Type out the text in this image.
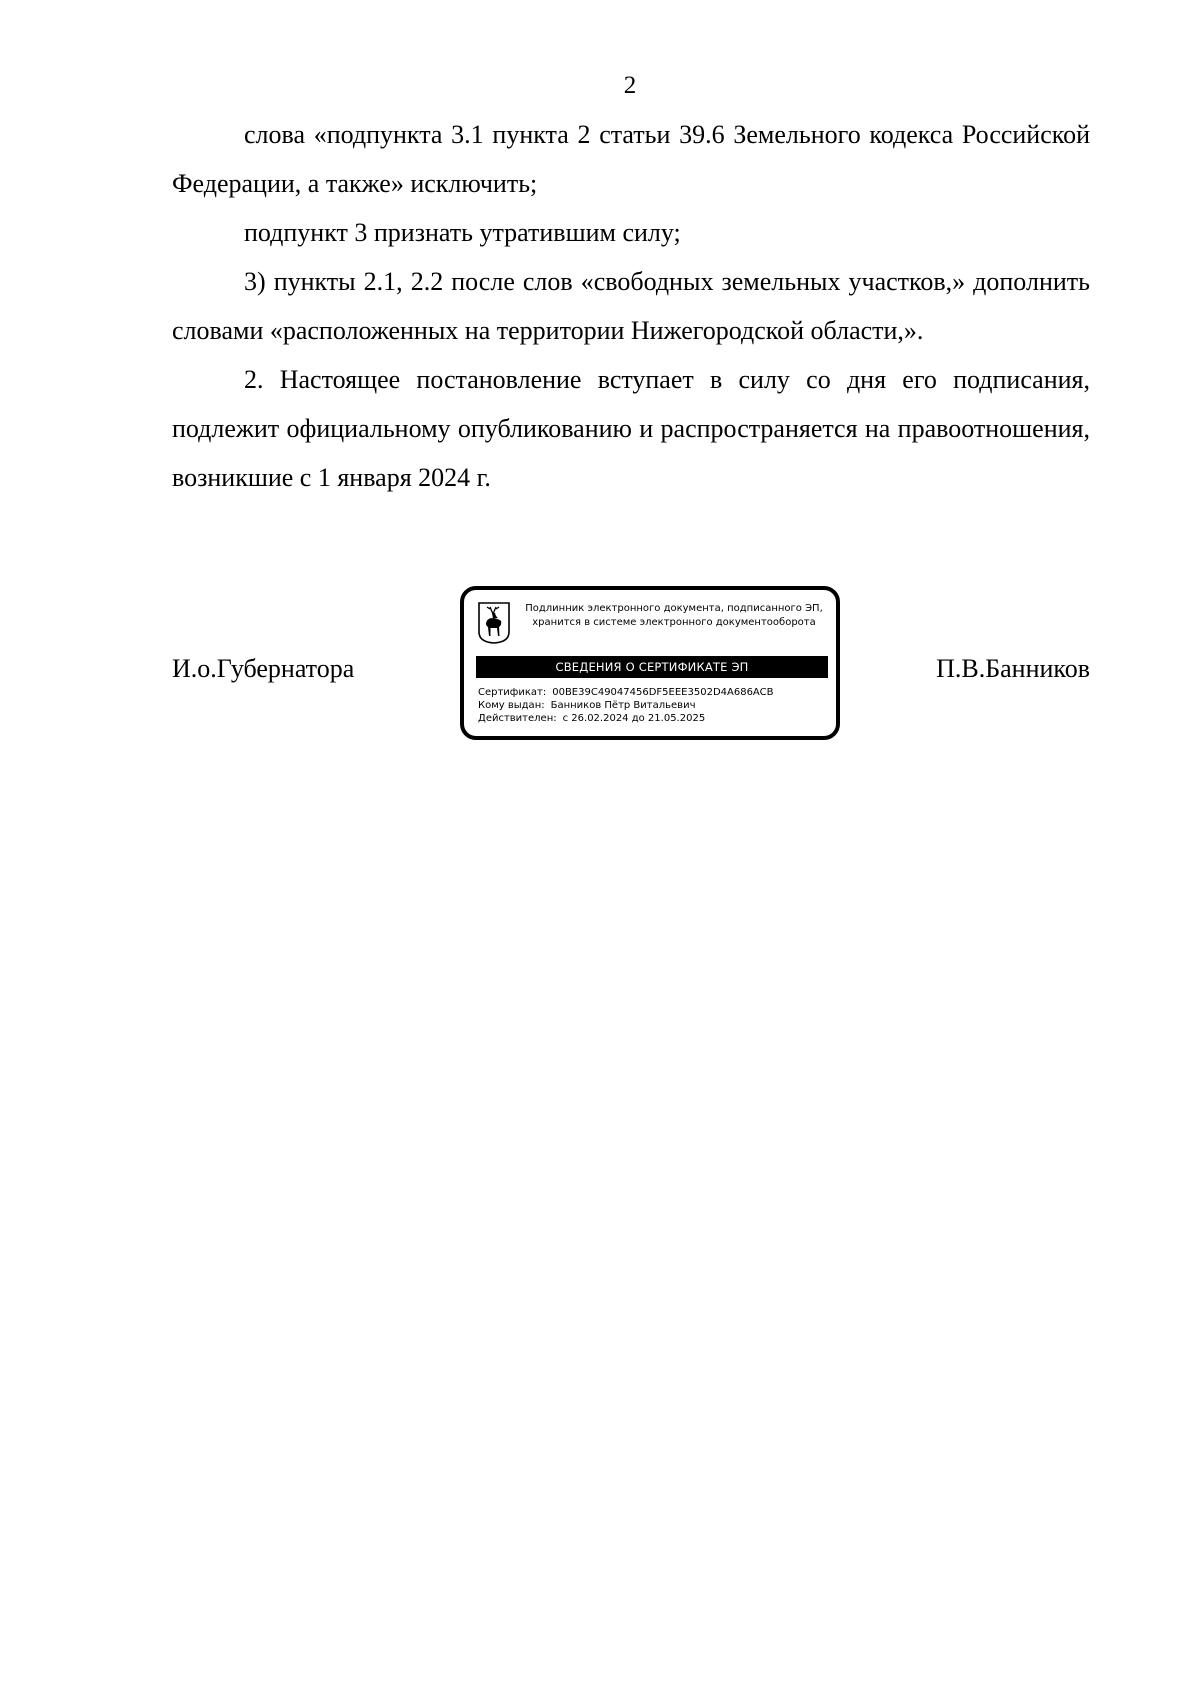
2

слова «подпункта 3.1 пункта 2 статьи 39.6 Земельного кодекса Российской Федерации, а также» исключить;

подпункт 3 признать утратившим силу;

3) пункты 2.1, 2.2 после слов «свободных земельных участков,» дополнить словами «расположенных на территории Нижегородской области,».

2. Настоящее постановление вступает в силу со дня его подписания, подлежит официальному опубликованию и распространяется на правоотношения, возникшие с 1 января 2024 г.

И.о.Губернатора
Подлинник электронного документа, подписанного ЭП,
хранится в системе электронного документооборота
СВЕДЕНИЯ О СЕРТИФИКАТЕ ЭП
Сертификат: 00BE39C49047456DF5EEE3502D4A686ACB
Кому выдан: Банников Пётр Витальевич
Действителен: с 26.02.2024 до 21.05.2025
П.В.Банников
